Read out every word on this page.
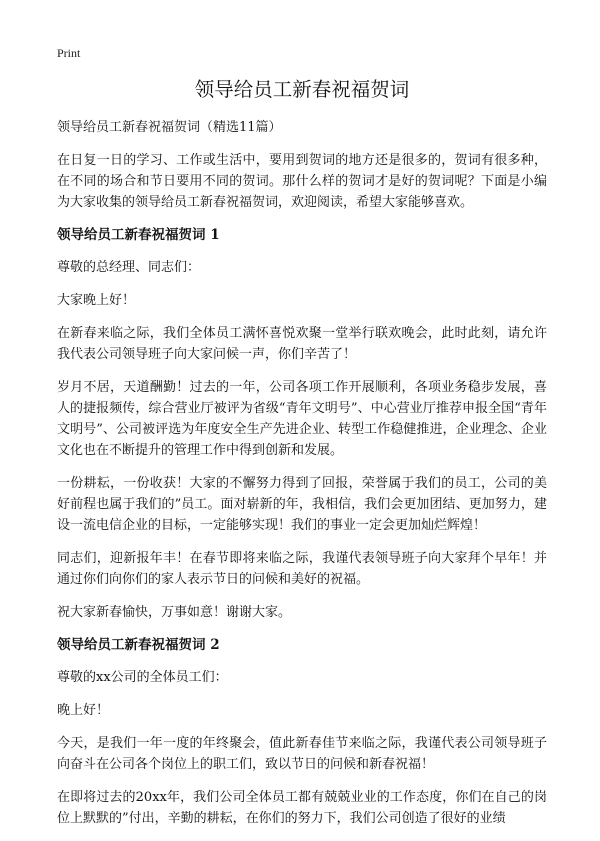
Print
领导给员工新春祝福贺词

领导给员工新春祝福贺词（精选11篇）

在日复一日的学习、工作或生活中，要用到贺词的地方还是很多的，贺词有很多种，在不同的场合和节日要用不同的贺词。那什么样的贺词才是好的贺词呢？下面是小编为大家收集的领导给员工新春祝福贺词，欢迎阅读，希望大家能够喜欢。

领导给员工新春祝福贺词 1

尊敬的总经理、同志们：

大家晚上好！

在新春来临之际，我们全体员工满怀喜悦欢聚一堂举行联欢晚会，此时此刻，请允许我代表公司领导班子向大家问候一声，你们辛苦了！

岁月不居，天道酬勤！过去的一年，公司各项工作开展顺利，各项业务稳步发展，喜人的捷报频传，综合营业厅被评为省级“青年文明号”、中心营业厅推荐申报全国“青年文明号”、公司被评选为年度安全生产先进企业、转型工作稳健推进，企业理念、企业文化也在不断提升的管理工作中得到创新和发展。

一份耕耘，一份收获！大家的不懈努力得到了回报，荣誉属于我们的员工，公司的美好前程也属于我们的”员工。面对崭新的年，我相信，我们会更加团结、更加努力，建设一流电信企业的目标，一定能够实现！我们的事业一定会更加灿烂辉煌！

同志们，迎新报年丰！在春节即将来临之际，我谨代表领导班子向大家拜个早年！并通过你们向你们的家人表示节日的问候和美好的祝福。

祝大家新春愉快，万事如意！谢谢大家。

领导给员工新春祝福贺词 2

尊敬的xx公司的全体员工们：

晚上好！

今天，是我们一年一度的年终聚会，值此新春佳节来临之际，我谨代表公司领导班子向奋斗在公司各个岗位上的职工们，致以节日的问候和新春祝福！

在即将过去的20xx年，我们公司全体员工都有兢兢业业的工作态度，你们在自己的岗位上默默的”付出，辛勤的耕耘，在你们的努力下，我们公司创造了很好的业绩
